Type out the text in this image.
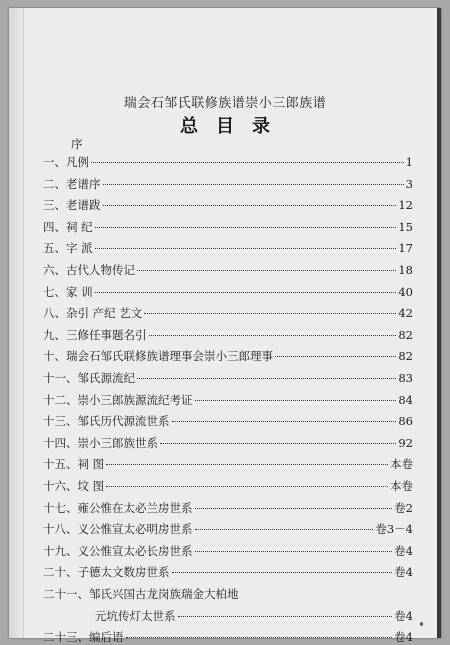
瑞会石邹氏联修族谱崇小三郎族谱
总目录
序
一、凡例	1
二、老谱序	3
三、老谱跋	12
四、祠 纪	15
五、字 派	17
六、古代人物传记	18
七、家 训	40
八、杂引 产纪 艺文	42
九、三修任事题名引	82
十、瑞会石邹氏联修族谱理事会崇小三郎理事	82
十一、邹氏源流纪	83
十二、崇小三郎族源流纪考证	84
十三、邹氏历代源流世系	86
十四、崇小三郎族世系	92
十五、祠 图	本卷
十六、坟 图	本卷
十七、雍公惟在太必兰房世系	卷2
十八、义公惟宣太必明房世系	卷3－4
十九、义公惟宣太必长房世系	卷4
二十、子德太文数房世系	卷4
二十一、邹氏兴国古龙岗族瑞金大柏地
元坑传灯太世系	卷4
二十三、编后语	卷4
